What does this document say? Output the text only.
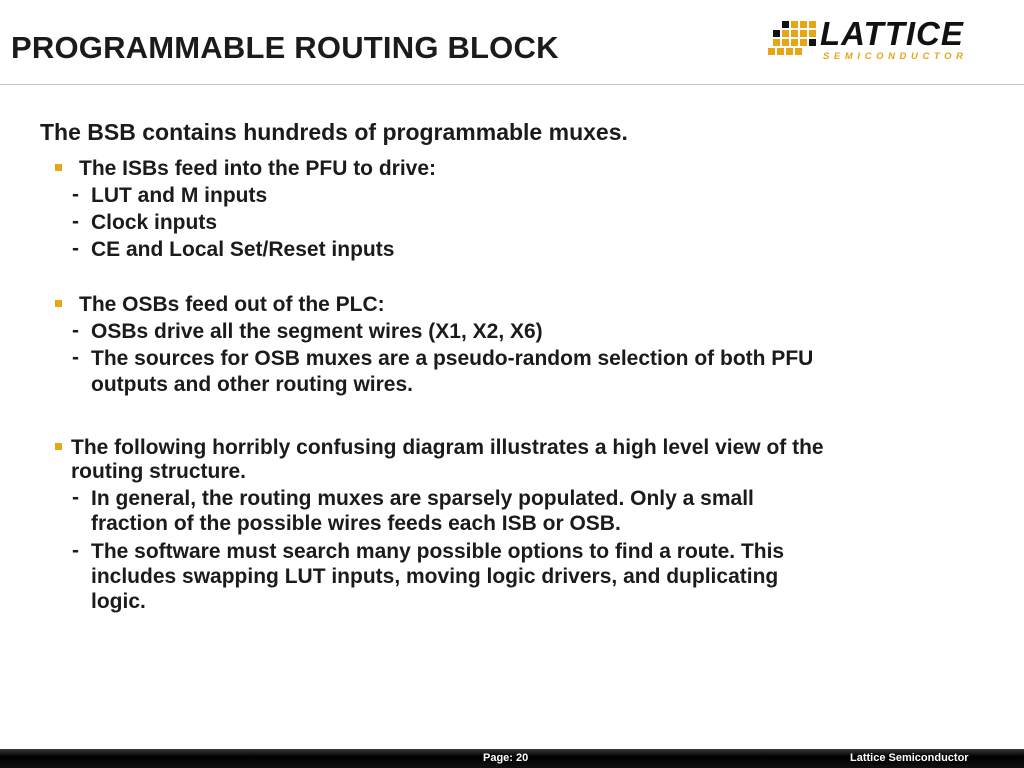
PROGRAMMABLE ROUTING BLOCK	LATTICE
SEMICONDUCTOR
The BSB contains hundreds of programmable muxes.
The ISBs feed into the PFU to drive:
- LUT and M inputs
- Clock inputs
- CE and Local Set/Reset inputs
The OSBs feed out of the PLC:
- OSBs drive all the segment wires (X1, X2, X6)
- The sources for OSB muxes are a pseudo-random selection of both PFU
outputs and other routing wires.
The following horribly confusing diagram illustrates a high level view of the
routing structure.
- In general, the routing muxes are sparsely populated. Only a small
fraction of the possible wires feeds each ISB or OSB.
- The software must search many possible options to find a route. This
includes swapping LUT inputs, moving logic drivers, and duplicating
logic.
Page: 20	Lattice Semiconductor
